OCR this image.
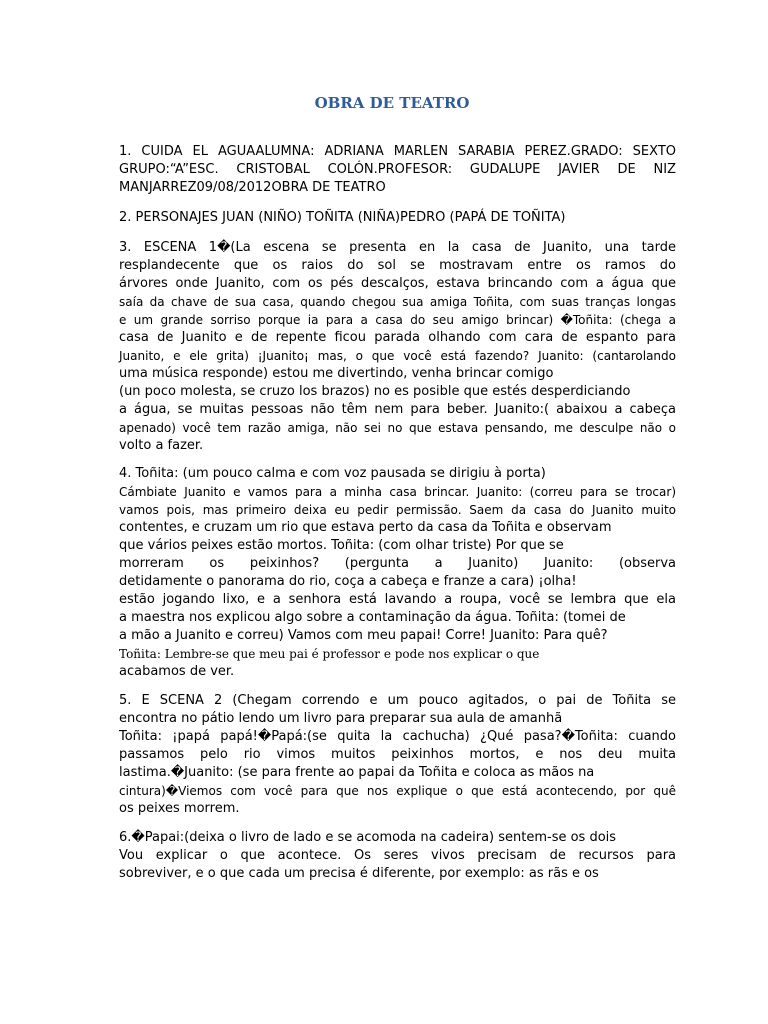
OBRA DE TEATRO
1. CUIDA EL AGUAALUMNA: ADRIANA MARLEN SARABIA PEREZ.GRADO: SEXTO
GRUPO:“A”ESC. CRISTOBAL COLÓN.PROFESOR: GUDALUPE JAVIER DE NIZ
MANJARREZ09/08/2012OBRA DE TEATRO
2. PERSONAJES JUAN (NIÑO) TOÑITA (NIÑA)PEDRO (PAPÁ DE TOÑITA)
3. ESCENA 1�(La escena se presenta en la casa de Juanito, una tarde
resplandecente que os raios do sol se mostravam entre os ramos do
árvores onde Juanito, com os pés descalços, estava brincando com a água que
saía da chave de sua casa, quando chegou sua amiga Toñita, com suas tranças longas
e um grande sorriso porque ia para a casa do seu amigo brincar) �Toñita: (chega a
casa de Juanito e de repente ficou parada olhando com cara de espanto para
Juanito, e ele grita) ¡Juanito¡ mas, o que você está fazendo? Juanito: (cantarolando
uma música responde) estou me divertindo, venha brincar comigo
(un poco molesta, se cruzo los brazos) no es posible que estés desperdiciando
a água, se muitas pessoas não têm nem para beber. Juanito:( abaixou a cabeça
apenado) você tem razão amiga, não sei no que estava pensando, me desculpe não o
volto a fazer.
4. Toñita: (um pouco calma e com voz pausada se dirigiu à porta)
Cámbiate Juanito e vamos para a minha casa brincar. Juanito: (correu para se trocar)
vamos pois, mas primeiro deixa eu pedir permissão. Saem da casa do Juanito muito
contentes, e cruzam um rio que estava perto da casa da Toñita e observam
que vários peixes estão mortos. Toñita: (com olhar triste) Por que se
morreram os peixinhos? (pergunta a Juanito) Juanito: (observa
detidamente o panorama do rio, coça a cabeça e franze a cara) ¡olha!
estão jogando lixo, e a senhora está lavando a roupa, você se lembra que ela
a maestra nos explicou algo sobre a contaminação da água. Toñita: (tomei de
a mão a Juanito e correu) Vamos com meu papai! Corre! Juanito: Para quê?
Toñita: Lembre-se que meu pai é professor e pode nos explicar o que
acabamos de ver.
5. E SCENA 2 (Chegam correndo e um pouco agitados, o pai de Toñita se
encontra no pátio lendo um livro para preparar sua aula de amanhã
Toñita: ¡papá papá!�Papá:(se quita la cachucha) ¿Qué pasa?�Toñita: cuando
passamos pelo rio vimos muitos peixinhos mortos, e nos deu muita
lastima.�Juanito: (se para frente ao papai da Toñita e coloca as mãos na
cintura)�Viemos com você para que nos explique o que está acontecendo, por quê
os peixes morrem.
6.�Papai:(deixa o livro de lado e se acomoda na cadeira) sentem-se os dois
Vou explicar o que acontece. Os seres vivos precisam de recursos para
sobreviver, e o que cada um precisa é diferente, por exemplo: as rãs e os
